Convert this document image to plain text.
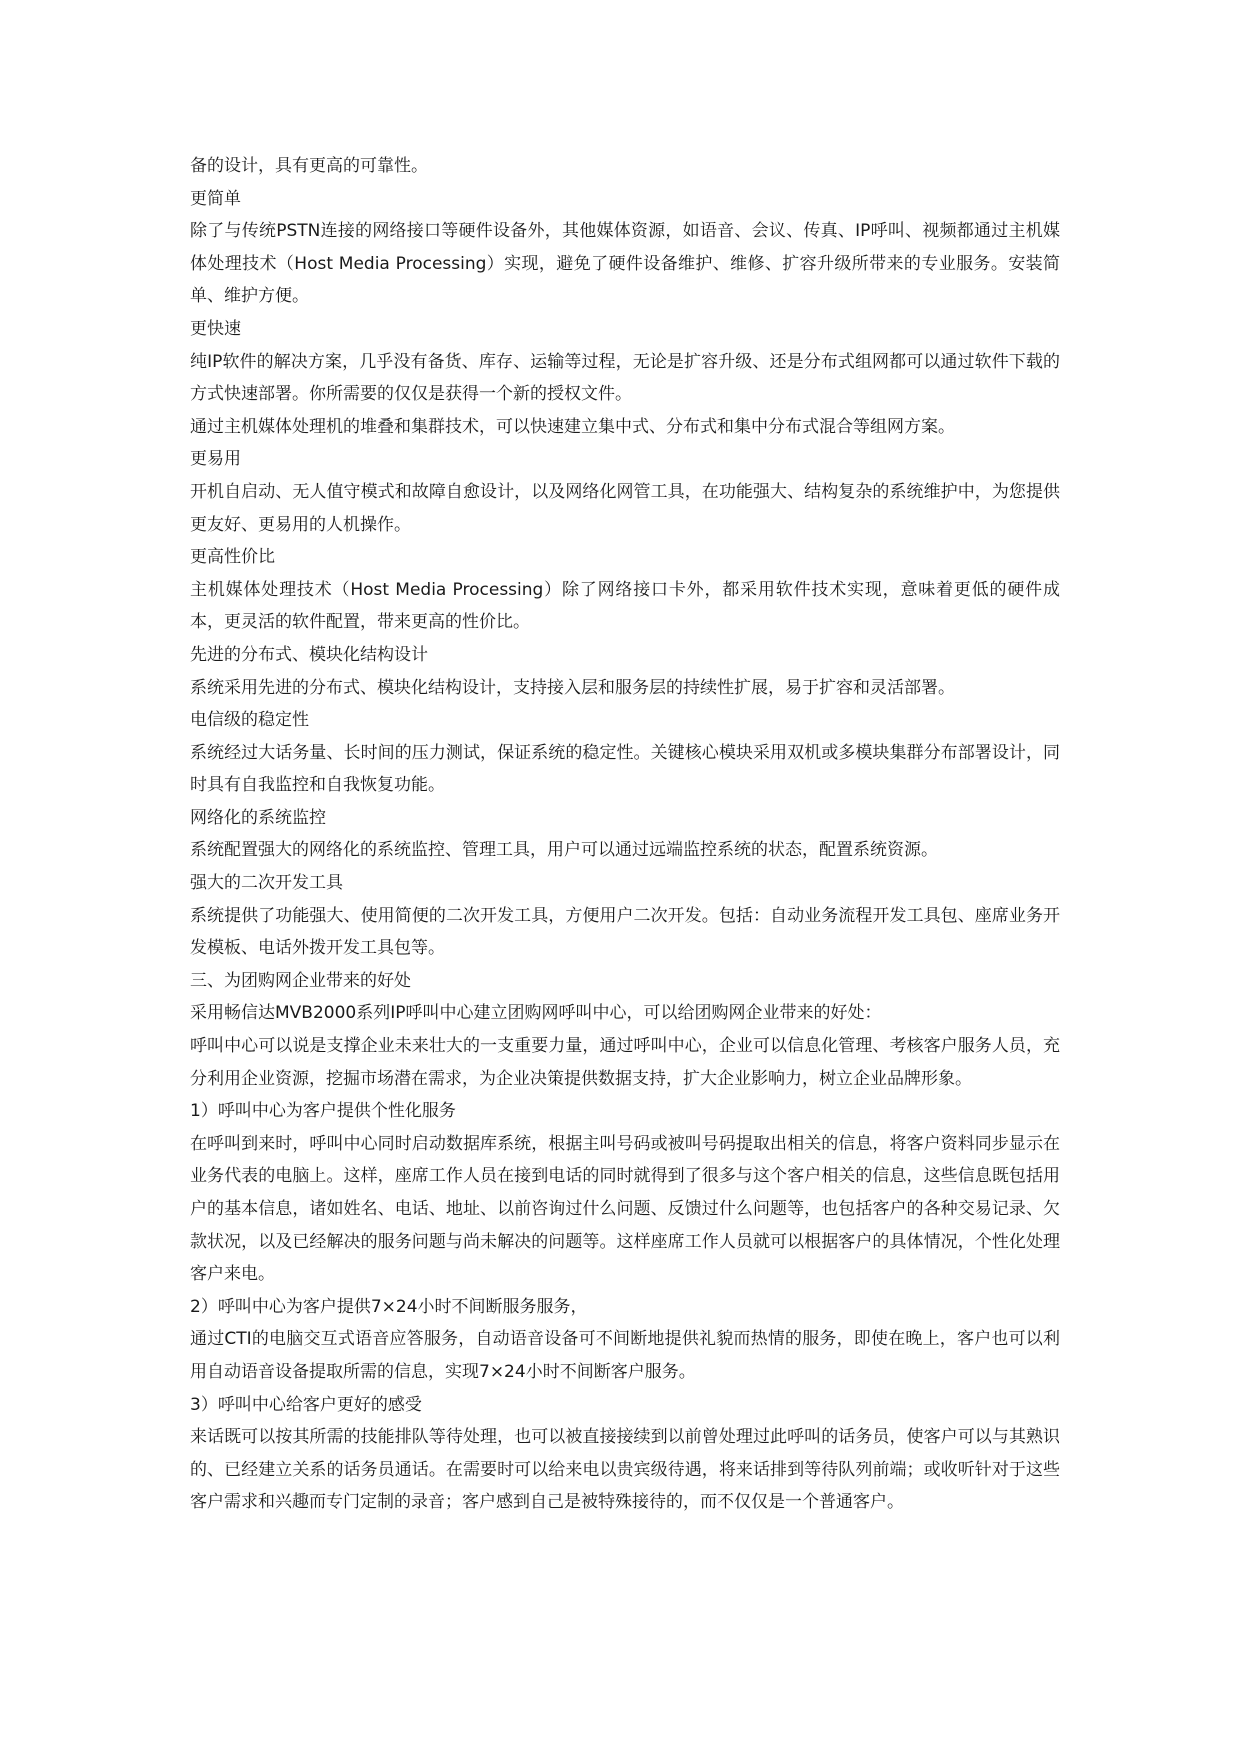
备的设计，具有更高的可靠性。

更简单

除了与传统PSTN连接的网络接口等硬件设备外，其他媒体资源，如语音、会议、传真、IP呼叫、视频都通过主机媒体处理技术（Host Media Processing）实现，避免了硬件设备维护、维修、扩容升级所带来的专业服务。安装简单、维护方便。

更快速

纯IP软件的解决方案，几乎没有备货、库存、运输等过程，无论是扩容升级、还是分布式组网都可以通过软件下载的方式快速部署。你所需要的仅仅是获得一个新的授权文件。

通过主机媒体处理机的堆叠和集群技术，可以快速建立集中式、分布式和集中分布式混合等组网方案。

更易用

开机自启动、无人值守模式和故障自愈设计，以及网络化网管工具，在功能强大、结构复杂的系统维护中，为您提供更友好、更易用的人机操作。

更高性价比

主机媒体处理技术（Host Media Processing）除了网络接口卡外，都采用软件技术实现，意味着更低的硬件成本，更灵活的软件配置，带来更高的性价比。

先进的分布式、模块化结构设计

系统采用先进的分布式、模块化结构设计，支持接入层和服务层的持续性扩展，易于扩容和灵活部署。

电信级的稳定性

系统经过大话务量、长时间的压力测试，保证系统的稳定性。关键核心模块采用双机或多模块集群分布部署设计，同时具有自我监控和自我恢复功能。

网络化的系统监控

系统配置强大的网络化的系统监控、管理工具，用户可以通过远端监控系统的状态，配置系统资源。

强大的二次开发工具

系统提供了功能强大、使用简便的二次开发工具，方便用户二次开发。包括：自动业务流程开发工具包、座席业务开发模板、电话外拨开发工具包等。

三、为团购网企业带来的好处

采用畅信达MVB2000系列IP呼叫中心建立团购网呼叫中心，可以给团购网企业带来的好处：

呼叫中心可以说是支撑企业未来壮大的一支重要力量，通过呼叫中心，企业可以信息化管理、考核客户服务人员，充分利用企业资源，挖掘市场潜在需求，为企业决策提供数据支持，扩大企业影响力，树立企业品牌形象。

1）呼叫中心为客户提供个性化服务

在呼叫到来时，呼叫中心同时启动数据库系统，根据主叫号码或被叫号码提取出相关的信息，将客户资料同步显示在业务代表的电脑上。这样，座席工作人员在接到电话的同时就得到了很多与这个客户相关的信息，这些信息既包括用户的基本信息，诸如姓名、电话、地址、以前咨询过什么问题、反馈过什么问题等，也包括客户的各种交易记录、欠款状况，以及已经解决的服务问题与尚未解决的问题等。这样座席工作人员就可以根据客户的具体情况，个性化处理客户来电。

2）呼叫中心为客户提供7×24小时不间断服务服务，

通过CTI的电脑交互式语音应答服务，自动语音设备可不间断地提供礼貌而热情的服务，即使在晚上，客户也可以利用自动语音设备提取所需的信息，实现7×24小时不间断客户服务。

3）呼叫中心给客户更好的感受

来话既可以按其所需的技能排队等待处理，也可以被直接接续到以前曾处理过此呼叫的话务员，使客户可以与其熟识的、已经建立关系的话务员通话。在需要时可以给来电以贵宾级待遇，将来话排到等待队列前端；或收听针对于这些客户需求和兴趣而专门定制的录音；客户感到自己是被特殊接待的，而不仅仅是一个普通客户。
